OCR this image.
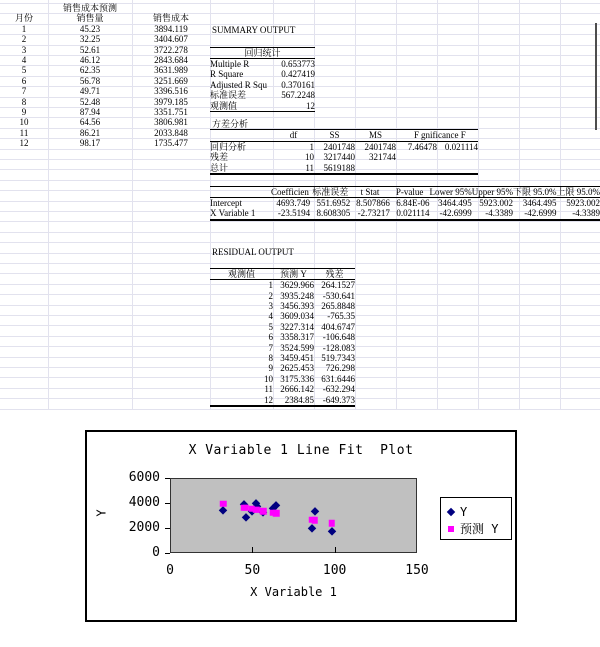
SUMMARY OUTPUT
方差分析
RESIDUAL OUTPUT
	销售成本预测	
月份	销售量	销售成本
1	45.23	3894.119
2	32.25	3404.607
3	52.61	3722.278
4	46.12	2843.684
5	62.35	3631.989
6	56.78	3251.669
7	49.71	3396.516
8	52.48	3979.185
9	87.94	3351.751
10	64.56	3806.981
11	86.21	2033.848
12	98.17	1735.477
回归统计	
Multiple R	0.653773
R Square	0.427419
Adjusted R Squ	0.370161
标准误差	567.2248
观测值	12
	df	SS	MS	F	gnificance F
回归分析	1	2401748	2401748	7.46478	0.021114
残差	10	3217440	321744		
总计	11	5619188			
	Coefficien	标准误差	t Stat	P-value	Lower 95%	Upper 95%	下限 95.0%	上限 95.0%
Intercept	4693.749	551.6952	8.507866	6.84E-06	3464.495	5923.002	3464.495	5923.002
X Variable 1	-23.5194	8.608305	-2.73217	0.021114	-42.6999	-4.3389	-42.6999	-4.3389
观测值	预测 Y	残差
1	3629.966	264.1527
2	3935.248	-530.641
3	3456.393	265.8848
4	3609.034	-765.35
5	3227.314	404.6747
6	3358.317	-106.648
7	3524.599	-128.083
8	3459.451	519.7343
9	2625.453	726.298
10	3175.336	631.6446
11	2666.142	-632.294
12	2384.85	-649.373
X Variable 1 Line Fit  Plot
0
2000
4000
6000
0	50	100	150
X Variable 1
Y	Y
预测 Y
